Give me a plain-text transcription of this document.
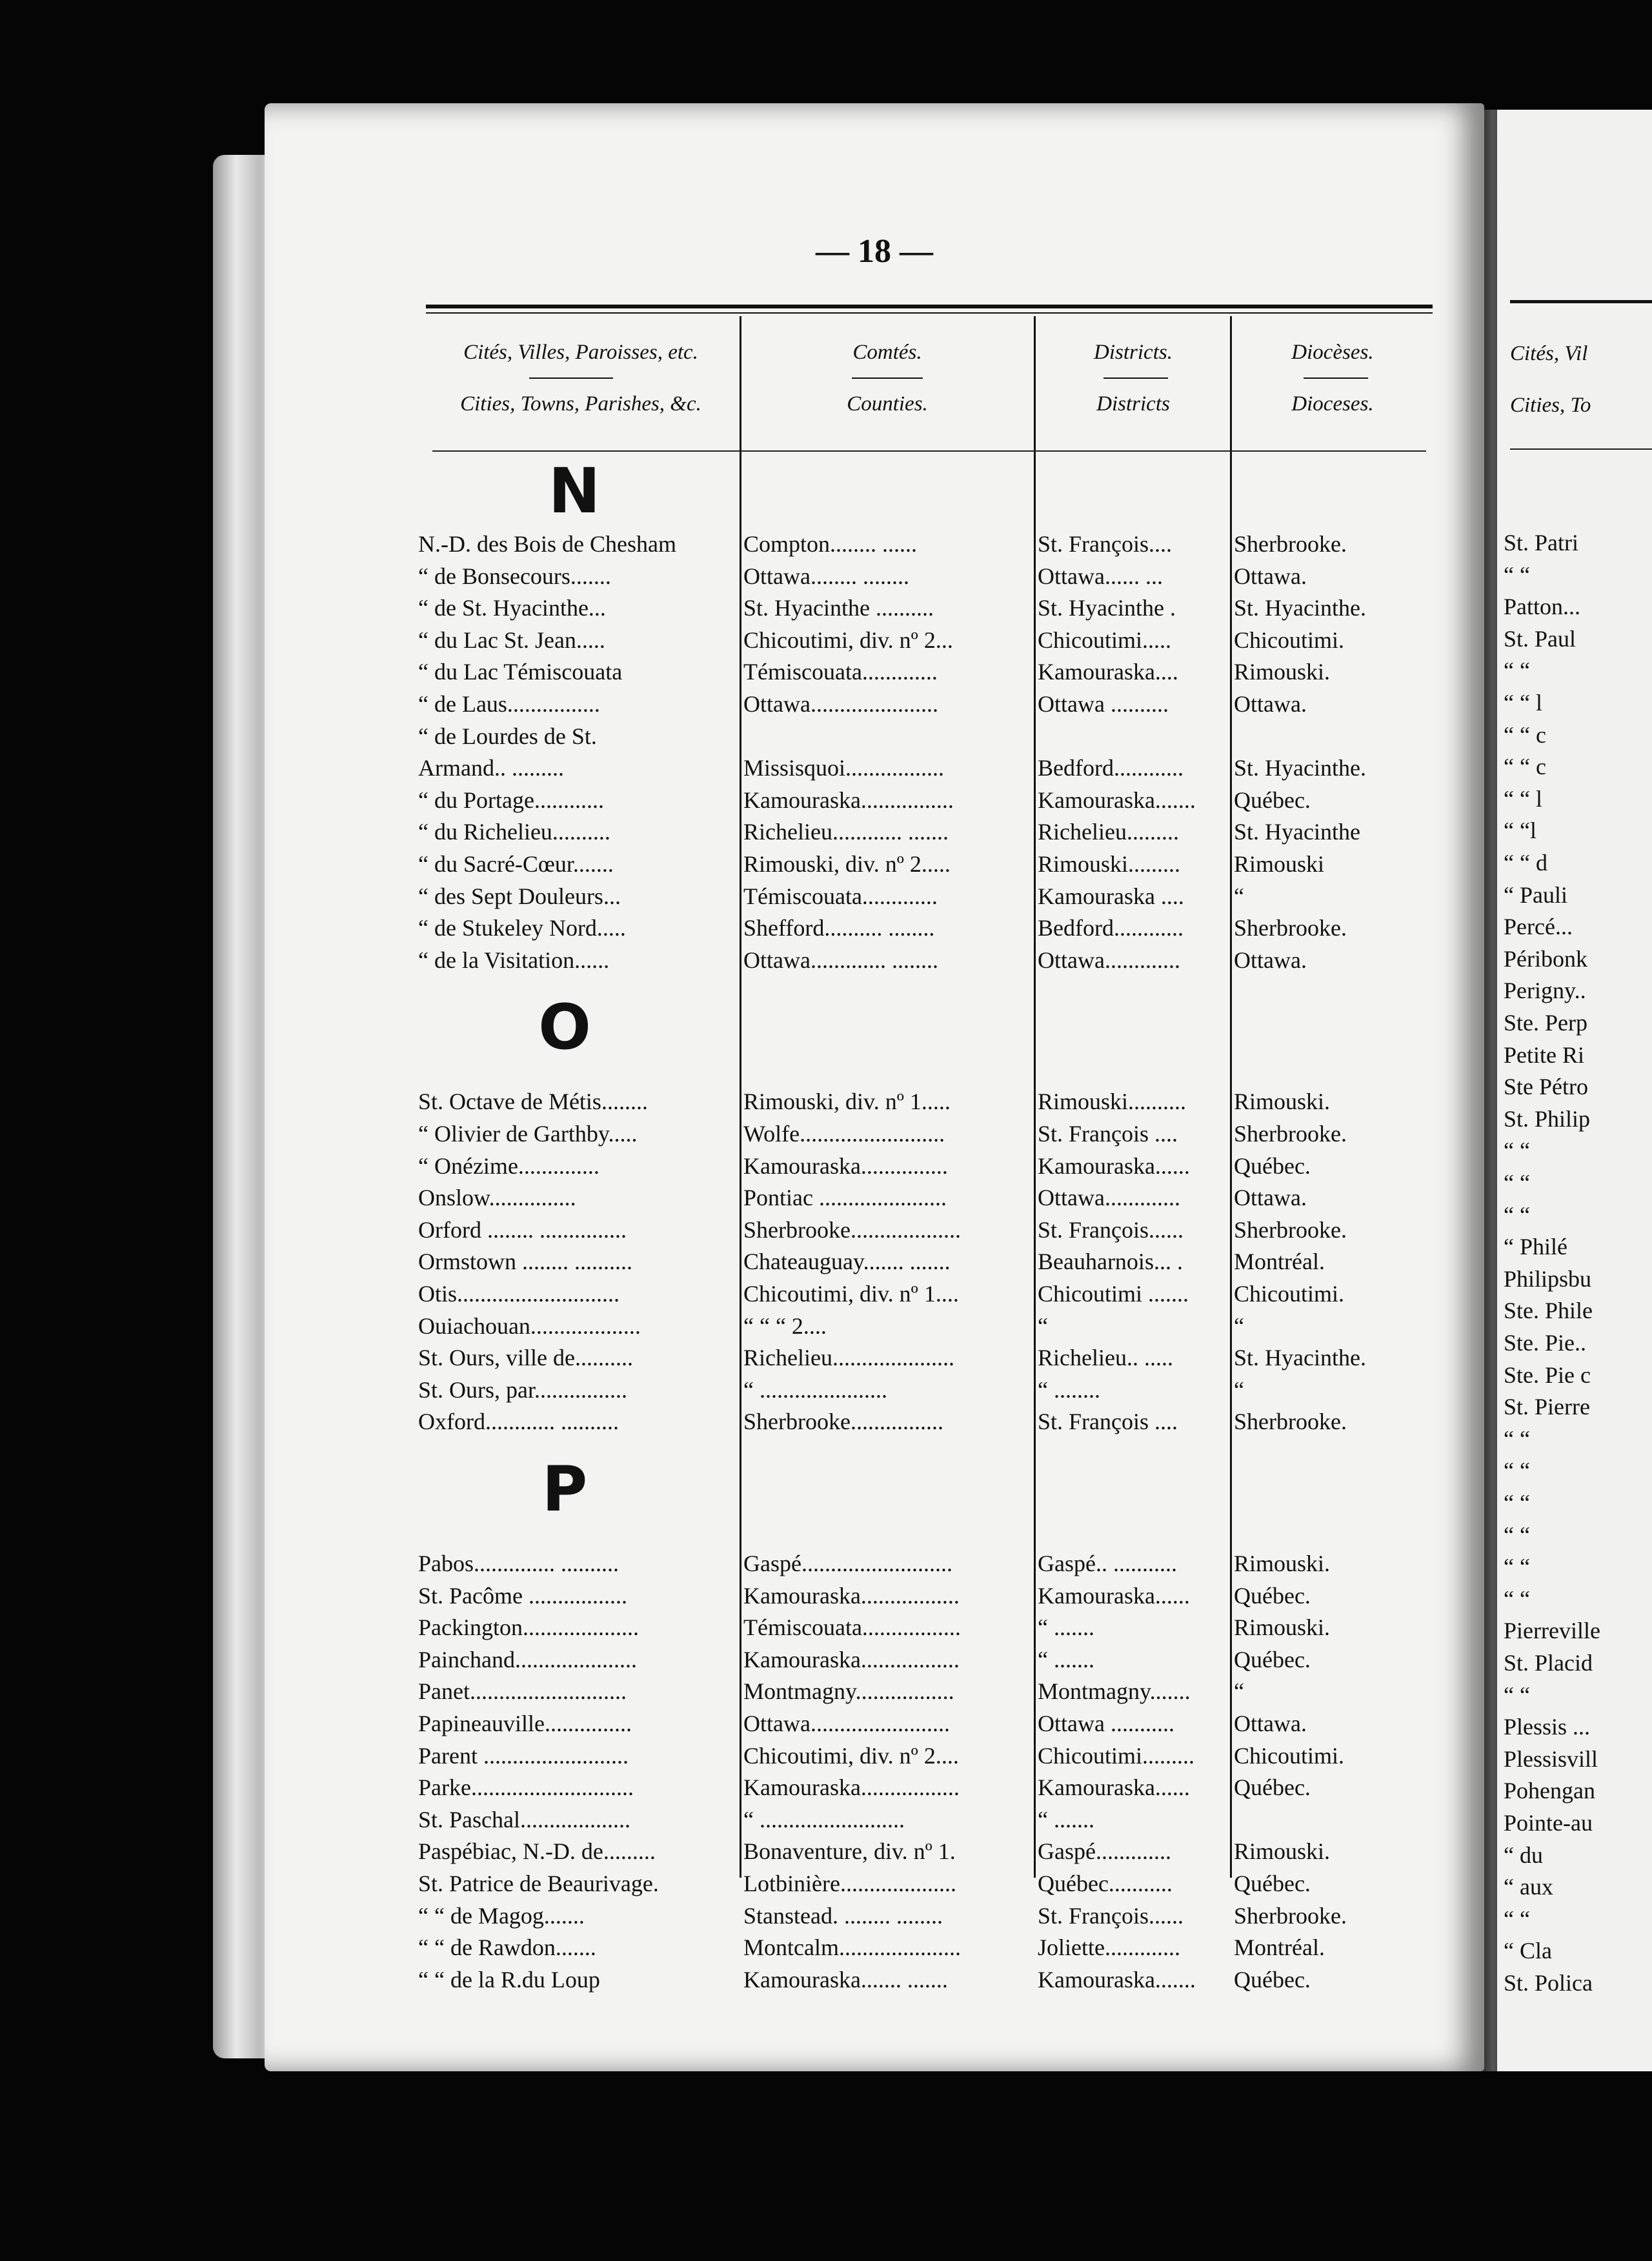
— 18 —
Cités, Villes, Paroisses, etc.	Comtés.	Districts.	Diocèses.
Cities, Towns, Parishes, &c.	Counties.	Districts	Dioceses.
N
N.-D. des Bois de Chesham	Compton........ ......	St. François....	Sherbrooke.
“ de Bonsecours.......	Ottawa........ ........	Ottawa...... ...	Ottawa.
“ de St. Hyacinthe...	St. Hyacinthe ..........	St. Hyacinthe .	St. Hyacinthe.
“ du Lac St. Jean.....	Chicoutimi, div. nº 2...	Chicoutimi.....	Chicoutimi.
“ du Lac Témiscouata	Témiscouata.............	Kamouraska....	Rimouski.
“ de Laus................	Ottawa......................	Ottawa ..........	Ottawa.
“ de Lourdes de St.
Armand.. .........	Missisquoi.................	Bedford............	St. Hyacinthe.
“ du Portage............	Kamouraska................	Kamouraska.......	Québec.
“ du Richelieu..........	Richelieu............ .......	Richelieu.........	St. Hyacinthe
“ du Sacré-Cœur.......	Rimouski, div. nº 2.....	Rimouski.........	Rimouski
“ des Sept Douleurs...	Témiscouata.............	Kamouraska ....	“
“ de Stukeley Nord.....	Shefford.......... ........	Bedford............	Sherbrooke.
“ de la Visitation......	Ottawa............. ........	Ottawa.............	Ottawa.
O
St. Octave de Métis........	Rimouski, div. nº 1.....	Rimouski..........	Rimouski.
“ Olivier de Garthby.....	Wolfe.........................	St. François ....	Sherbrooke.
“ Onézime..............	Kamouraska...............	Kamouraska......	Québec.
Onslow...............	Pontiac ......................	Ottawa.............	Ottawa.
Orford ........ ...............	Sherbrooke...................	St. François......	Sherbrooke.
Ormstown ........ ..........	Chateauguay....... .......	Beauharnois... .	Montréal.
Otis............................	Chicoutimi, div. nº 1....	Chicoutimi .......	Chicoutimi.
Ouiachouan...................	“ “ “ 2....	“	“
St. Ours, ville de..........	Richelieu.....................	Richelieu.. .....	St. Hyacinthe.
St. Ours, par................	“ ......................	“ ........	“
Oxford............ ..........	Sherbrooke................	St. François ....	Sherbrooke.
P
Pabos.............. ..........	Gaspé..........................	Gaspé.. ...........	Rimouski.
St. Pacôme .................	Kamouraska.................	Kamouraska......	Québec.
Packington....................	Témiscouata.................	“ .......	Rimouski.
Painchand.....................	Kamouraska.................	“ .......	Québec.
Panet...........................	Montmagny.................	Montmagny.......	“
Papineauville...............	Ottawa........................	Ottawa ...........	Ottawa.
Parent .........................	Chicoutimi, div. nº 2....	Chicoutimi.........	Chicoutimi.
Parke............................	Kamouraska.................	Kamouraska......	Québec.
St. Paschal...................	“ .........................	“ .......
Paspébiac, N.-D. de.........	Bonaventure, div. nº 1.	Gaspé.............	Rimouski.
St. Patrice de Beaurivage.	Lotbinière....................	Québec...........	Québec.
“ “ de Magog.......	Stanstead. ........ ........	St. François......	Sherbrooke.
“ “ de Rawdon.......	Montcalm.....................	Joliette.............	Montréal.
“ “ de la R.du Loup	Kamouraska....... .......	Kamouraska.......	Québec.
Cités, Vil
Cities, To
St. Patri
“ “
Patton...
St. Paul
“ “
“ “ l
“ “ c
“ “ c
“ “ l
“ “l
“ “ d
“ Pauli
Percé...
Péribonk
Perigny..
Ste. Perp
Petite Ri
Ste Pétro
St. Philip
“ “
“ “
“ “
“ Philé
Philipsbu
Ste. Phile
Ste. Pie..
Ste. Pie c
St. Pierre
“ “
“ “
“ “
“ “
“ “
“ “
Pierreville
St. Placid
“ “
Plessis ...
Plessisvill
Pohengan
Pointe-au
“ du
“ aux
“ “
“ Cla
St. Polica
